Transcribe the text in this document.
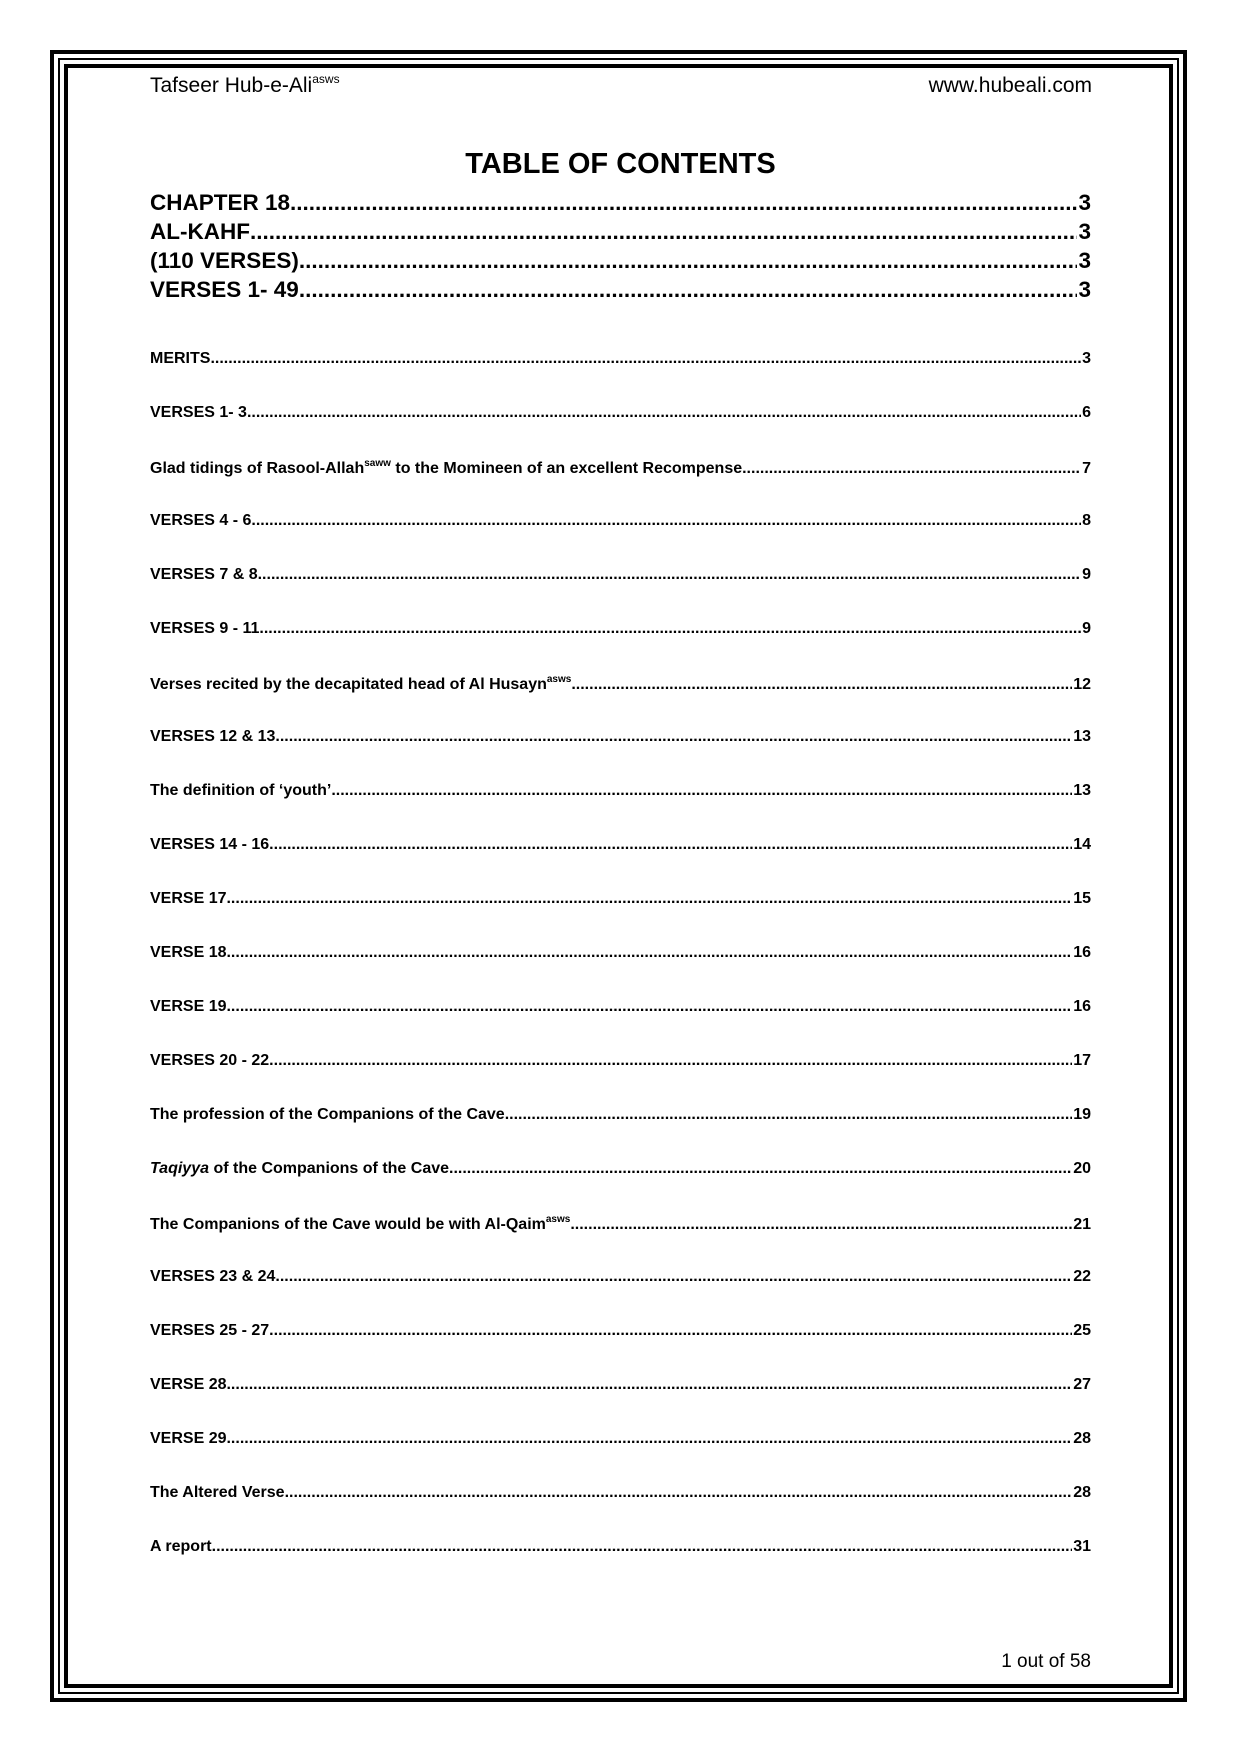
Tafseer Hub-e-Ali$^{asws}$	www.hubeali.com
TABLE OF CONTENTS
CHAPTER 18 .....	3
AL-KAHF .....	3
(110 VERSES) .....	3
VERSES 1- 49 .....	3
MERITS .....	3
VERSES 1- 3 .....	6
Glad tidings of Rasool-Allah$^{saww}$ to the Momineen of an excellent Recompense .....	7
VERSES 4 - 6 .....	8
VERSES 7 & 8 .....	9
VERSES 9 - 11 .....	9
Verses recited by the decapitated head of Al Husayn$^{asws}$ .....	12
VERSES 12 & 13 .....	13
The definition of ‘youth’ .....	13
VERSES 14 - 16 .....	14
VERSE 17 .....	15
VERSE 18 .....	16
VERSE 19 .....	16
VERSES 20 - 22 .....	17
The profession of the Companions of the Cave .....	19
Taqiyya of the Companions of the Cave .....	20
The Companions of the Cave would be with Al-Qaim$^{asws}$ .....	21
VERSES 23 & 24 .....	22
VERSES 25 - 27 .....	25
VERSE 28 .....	27
VERSE 29 .....	28
The Altered Verse .....	28
A report .....	31
1 out of 58
